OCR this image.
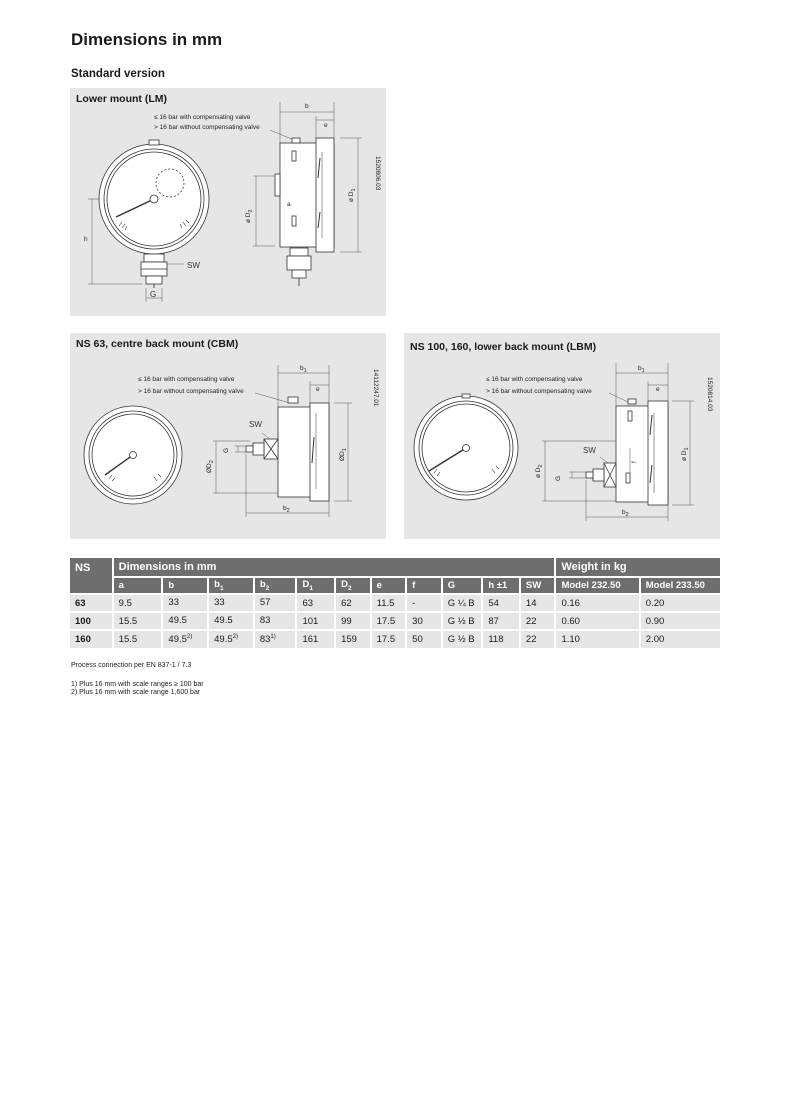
Dimensions in mm
Standard version
Lower mount (LM)
h
SW
G
≤ 16 bar with compensating valve
> 16 bar without compensating valve
b
e
a
ø $D_1$
ø $D_2$
1520806.03
NS 63, centre back mount (CBM)
≤ 16 bar with compensating valve
> 16 bar without compensating valve
SW
$b_1$
e
$b_2$
G
$ØD_2$
$ØD_1$
14112247.01
NS 100, 160, lower back mount (LBM)
≤ 16 bar with compensating valve
> 16 bar without compensating valve
SW
$b_1$
e
$b_2$
f
G
ø $D_2$
ø $D_1$
1520814.03
NS	Dimensions in mm											Weight in kg	
	a	b	$b_1$	$b_2$	$D_1$	$D_2$	e	f	G	h ±1	SW	Model 232.50	Model 233.50
63	9.5	33	33	57	63	62	11.5	-	G ¼ B	54	14	0.16	0.20
100	15.5	49.5	49.5	83	101	99	17.5	30	G ½ B	87	22	0.60	0.90
160	15.5	49.5$^{2)}$	49.5$^{2)}$	83$^{1)}$	161	159	17.5	50	G ½ B	118	22	1.10	2.00
Process connection per EN 837-1 / 7.3
1) Plus 16 mm with scale ranges ≥ 100 bar
2) Plus 16 mm with scale range 1,600 bar
